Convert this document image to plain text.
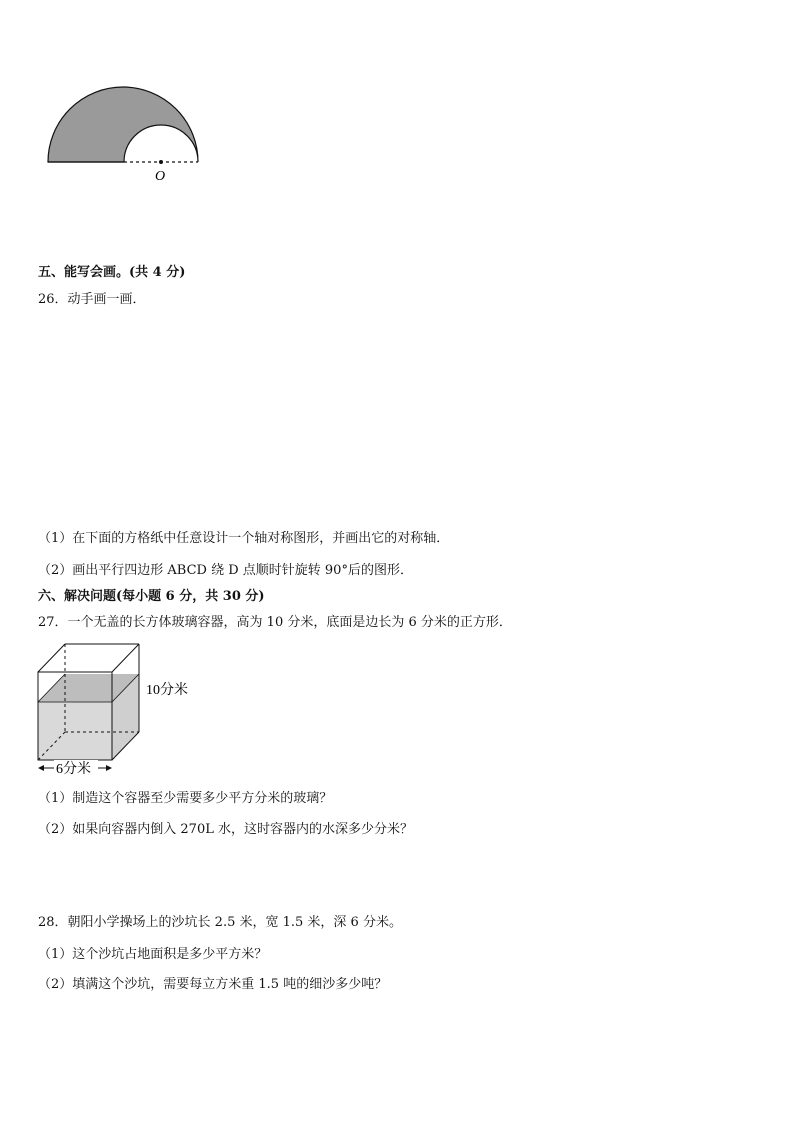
O
五、能写会画。(共 4 分)
26．动手画一画．
（1）在下面的方格纸中任意设计一个轴对称图形，并画出它的对称轴．
（2）画出平行四边形 ABCD 绕 D 点顺时针旋转 90°后的图形．
六、解决问题(每小题 6 分，共 30 分)
27．一个无盖的长方体玻璃容器，高为 10 分米，底面是边长为 6 分米的正方形．
10分米
6分米
（1）制造这个容器至少需要多少平方分米的玻璃？
（2）如果向容器内倒入 270L 水，这时容器内的水深多少分米？
28．朝阳小学操场上的沙坑长 2.5 米，宽 1.5 米，深 6 分米。
（1）这个沙坑占地面积是多少平方米？
（2）填满这个沙坑，需要每立方米重 1.5 吨的细沙多少吨？
